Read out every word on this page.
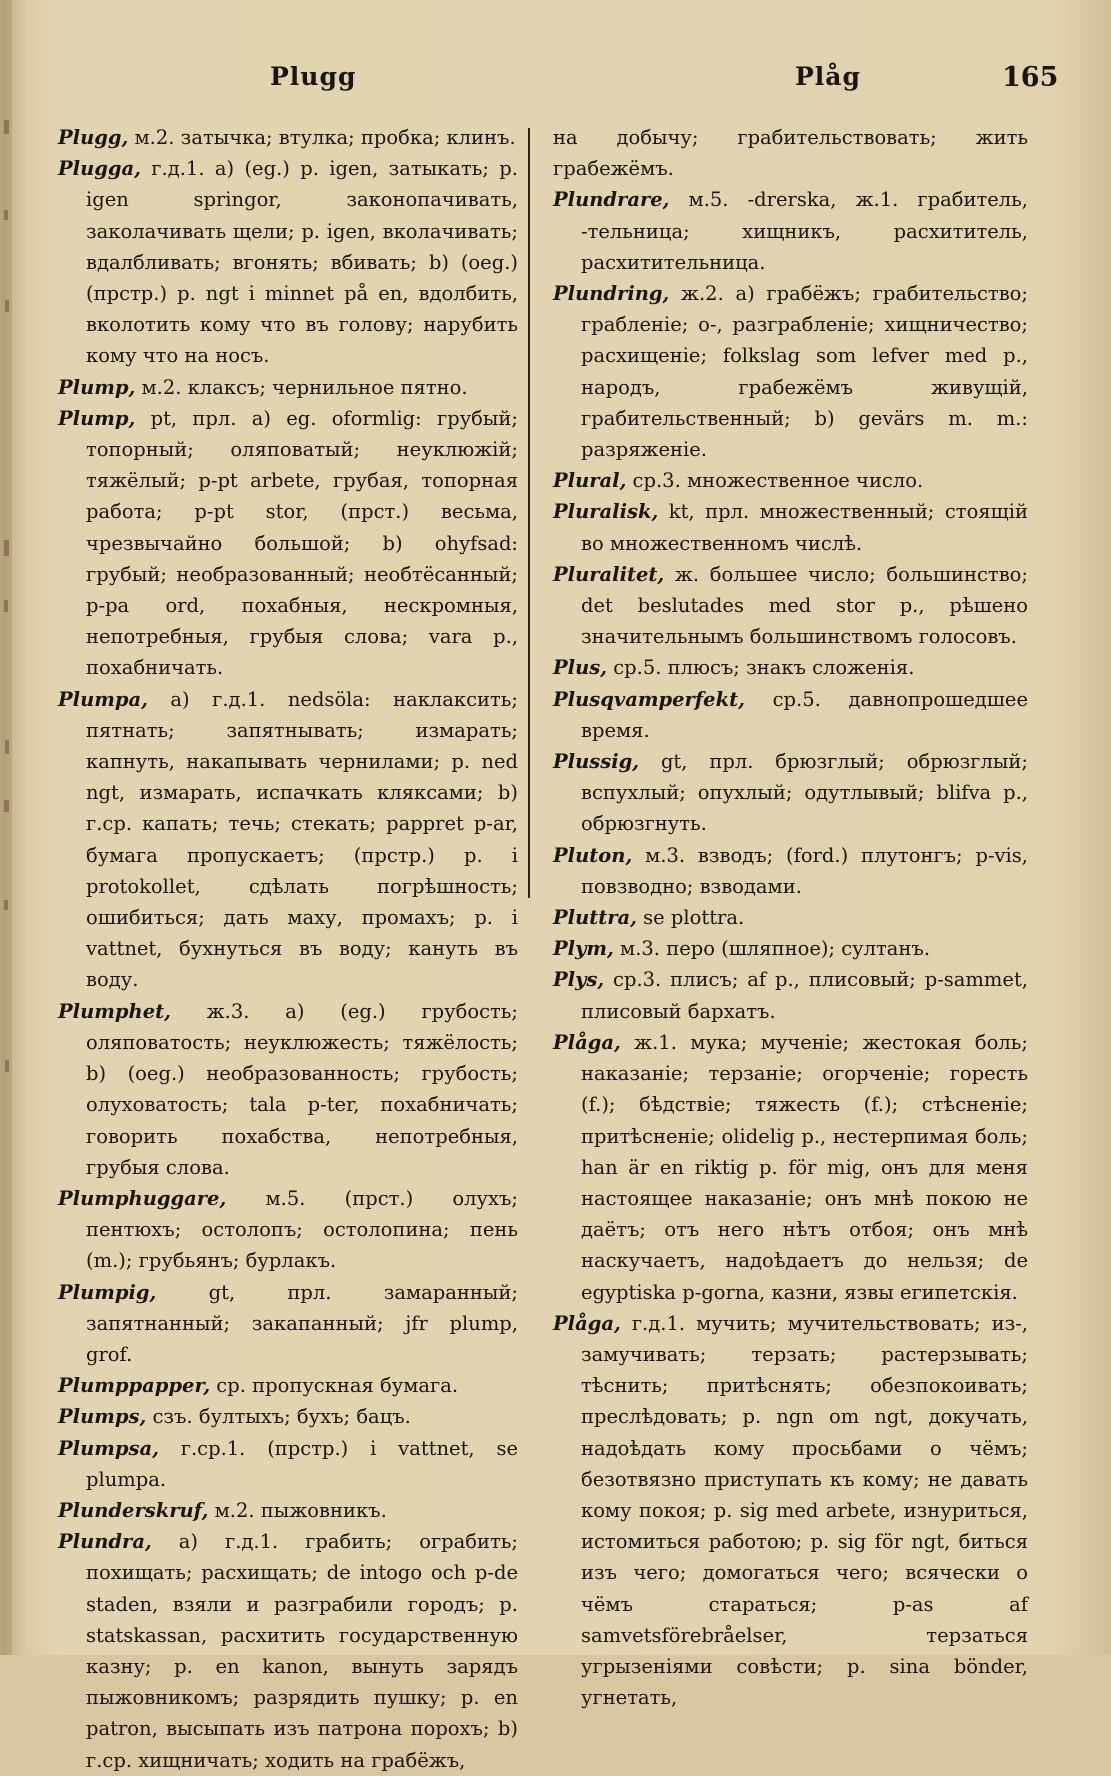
Plugg	Plåg	165

Plugg, м.2. затычка; втулка; пробка; клинъ.

Plugga, г.д.1. а) (eg.) p. igen, затыкать; p. igen springor, законопачивать, заколачивать щели; p. igen, вколачивать; вдалбливать; вгонять; вбивать; b) (oeg.) (прстр.) p. ngt i minnet på en, вдолбить, вколотить кому что въ голову; нарубить кому что на носъ.

Plump, м.2. клаксъ; чернильное пятно.

Plump, pt, прл. а) eg. oformlig: грубый; топорный; оляповатый; неуклюжій; тяжёлый; p-pt arbete, грубая, топорная работа; p-pt stor, (прст.) весьма, чрезвычайно большой; b) ohyfsad: грубый; необразованный; необтёсанный; p-pa ord, похабныя, нескромныя, непотребныя, грубыя слова; vara p., похабничать.

Plumpa, а) г.д.1. nedsöla: наклаксить; пятнать; запятнывать; измарать; капнуть, накапывать чернилами; p. ned ngt, измарать, испачкать кляксами; b) г.ср. капать; течь; стекать; pappret p-ar, бумага пропускаетъ; (прстр.) p. i protokollet, сдѣлать погрѣшность; ошибиться; дать маху, промахъ; p. i vattnet, бухнуться въ воду; кануть въ воду.

Plumphet, ж.3. а) (eg.) грубость; оляповатость; неуклюжесть; тяжёлость; b) (oeg.) необразованность; грубость; олуховатость; tala p-ter, похабничать; говорить похабства, непотребныя, грубыя слова.

Plumphuggare, м.5. (прст.) олухъ; пентюхъ; остолопъ; остолопина; пень (m.); грубьянъ; бурлакъ.

Plumpig, gt, прл. замаранный; запятнанный; закапанный; jfr plump, grof.

Plumppapper, ср. пропускная бумага.

Plumps, сзъ. бултыхъ; бухъ; бацъ.

Plumpsa, г.ср.1. (прстр.) i vattnet, se plumpa.

Plunderskruf, м.2. пыжовникъ.

Plundra, а) г.д.1. грабить; ограбить; похищать; расхищать; de intogo och p-de staden, взяли и разграбили городъ; p. statskassan, расхитить государственную казну; p. en kanon, вынуть зарядъ пыжовникомъ; разрядить пушку; p. en patron, высыпать изъ патрона порохъ; b) г.ср. хищничать; ходить на грабёжъ,

на добычу; грабительствовать; жить грабежёмъ.

Plundrare, м.5. -drerska, ж.1. грабитель, -тельница; хищникъ, расхититель, расхитительница.

Plundring, ж.2. а) грабёжъ; грабительство; грабленіе; о-, разграбленіе; хищничество; расхищеніе; folkslag som lefver med p., народъ, грабежёмъ живущій, грабительственный; b) gevärs m. m.: разряженіе.

Plural, ср.3. множественное число.

Pluralisk, kt, прл. множественный; стоящій во множественномъ числѣ.

Pluralitet, ж. большее число; большинство; det beslutades med stor p., рѣшено значительнымъ большинствомъ голосовъ.

Plus, ср.5. плюсъ; знакъ сложенія.

Plusqvamperfekt, ср.5. давнопрошедшее время.

Plussig, gt, прл. брюзглый; обрюзглый; вспухлый; опухлый; одутлывый; blifva p., обрюзгнуть.

Pluton, м.3. взводъ; (ford.) плутонгъ; p-vis, повзводно; взводами.

Pluttra, se plottra.

Plym, м.3. перо (шляпное); султанъ.

Plys, ср.3. плисъ; af p., плисовый; p-sammet, плисовый бархатъ.

Plåga, ж.1. мука; мученіе; жестокая боль; наказаніе; терзаніе; огорченіе; горесть (f.); бѣдствіе; тяжесть (f.); стѣсненіе; притѣсненіе; olidelig p., нестерпимая боль; han är en riktig p. för mig, онъ для меня настоящее наказаніе; онъ мнѣ покою не даётъ; отъ него нѣтъ отбоя; онъ мнѣ наскучаетъ, надоѣдаетъ до нельзя; de egyptiska p-gorna, казни, язвы египетскія.

Plåga, г.д.1. мучить; мучительствовать; из-, замучивать; терзать; растерзывать; тѣснить; притѣснять; обезпокоивать; преслѣдовать; p. ngn om ngt, докучать, надоѣдать кому просьбами о чёмъ; безотвязно приступать къ кому; не давать кому покоя; p. sig med arbete, изнуриться, истомиться работою; p. sig för ngt, биться изъ чего; домогаться чего; всячески о чёмъ стараться; p-as af samvetsförebråelser, терзаться угрызеніями совѣсти; p. sina bönder, угнетать,
